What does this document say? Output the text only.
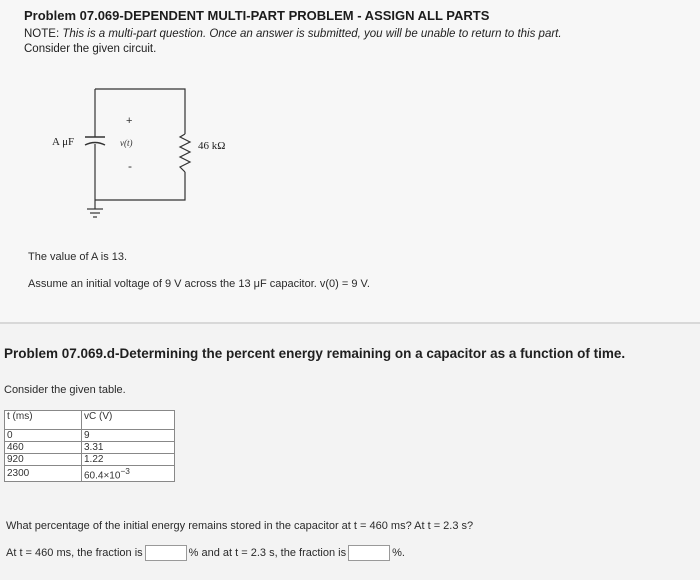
Problem 07.069-DEPENDENT MULTI-PART PROBLEM - ASSIGN ALL PARTS
NOTE: This is a multi-part question. Once an answer is submitted, you will be unable to return to this part.
Consider the given circuit.
A μF
+
v(t)
-
46 kΩ
The value of A is 13.
Assume an initial voltage of 9 V across the 13 μF capacitor. v(0) = 9 V.
Problem 07.069.d-Determining the percent energy remaining on a capacitor as a function of time.
Consider the given table.
t (ms)	vC (V)
0	9
460	3.31
920	1.22
2300	$60.4\times 10^{-3}$
What percentage of the initial energy remains stored in the capacitor at t = 460 ms? At t = 2.3 s?
At t = 460 ms, the fraction is	% and at t = 2.3 s, the fraction is	%.
